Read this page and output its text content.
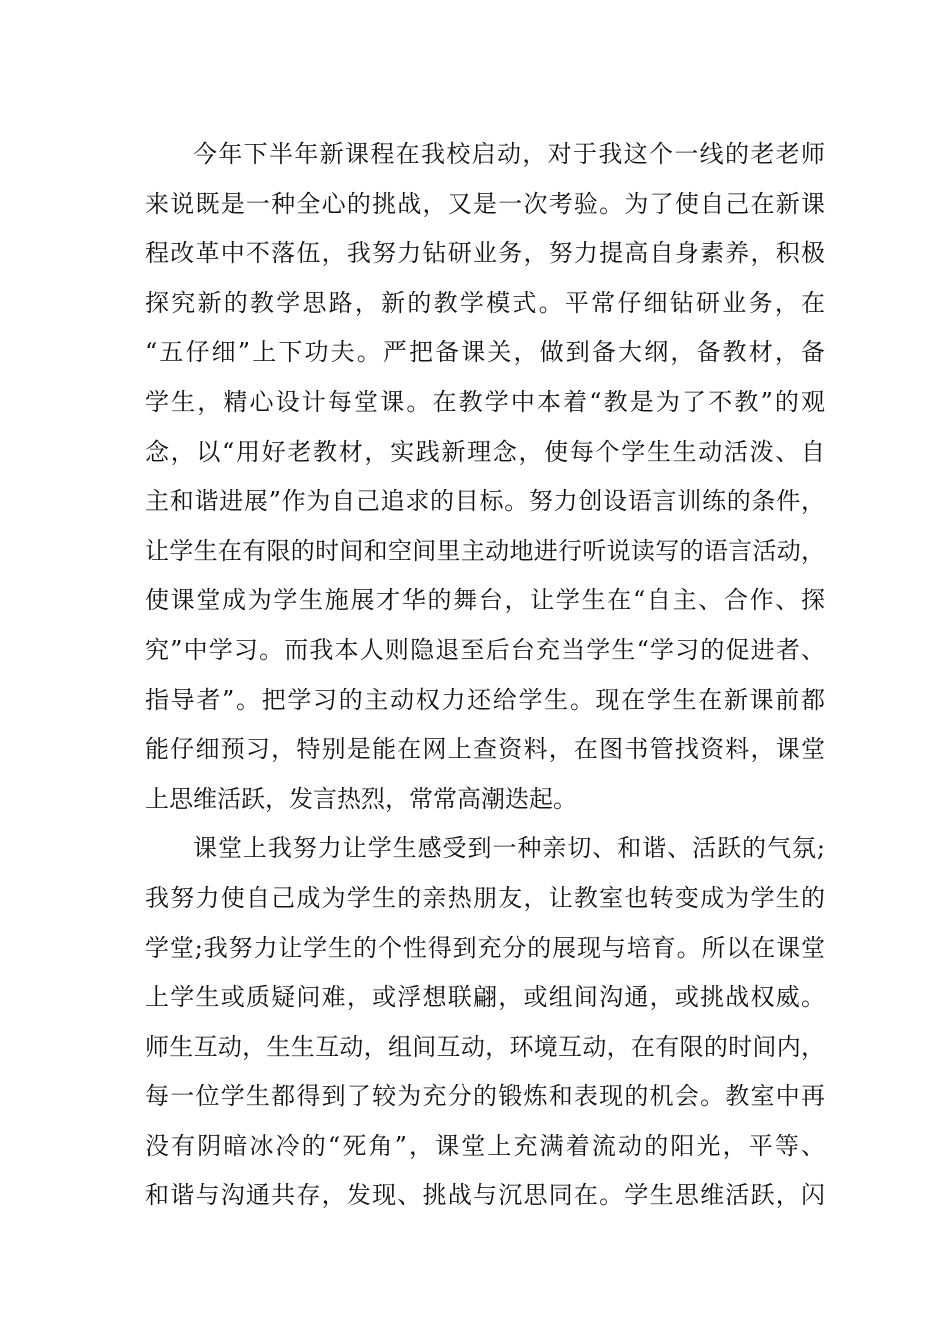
今年下半年新课程在我校启动，对于我这个一线的老老师
来说既是一种全心的挑战，又是一次考验。为了使自己在新课
程改革中不落伍，我努力钻研业务，努力提高自身素养，积极
探究新的教学思路，新的教学模式。平常仔细钻研业务，在
“五仔细”上下功夫。严把备课关，做到备大纲，备教材，备
学生，精心设计每堂课。在教学中本着“教是为了不教”的观
念，以“用好老教材，实践新理念，使每个学生生动活泼、自
主和谐进展”作为自己追求的目标。努力创设语言训练的条件，
让学生在有限的时间和空间里主动地进行听说读写的语言活动，
使课堂成为学生施展才华的舞台，让学生在“自主、合作、探
究”中学习。而我本人则隐退至后台充当学生“学习的促进者、
指导者”。把学习的主动权力还给学生。现在学生在新课前都
能仔细预习，特别是能在网上查资料，在图书管找资料，课堂
上思维活跃，发言热烈，常常高潮迭起。
课堂上我努力让学生感受到一种亲切、和谐、活跃的气氛;
我努力使自己成为学生的亲热朋友，让教室也转变成为学生的
学堂;我努力让学生的个性得到充分的展现与培育。所以在课堂
上学生或质疑问难，或浮想联翩，或组间沟通，或挑战权威。
师生互动，生生互动，组间互动，环境互动，在有限的时间内，
每一位学生都得到了较为充分的锻炼和表现的机会。教室中再
没有阴暗冰冷的“死角”，课堂上充满着流动的阳光，平等、
和谐与沟通共存，发现、挑战与沉思同在。学生思维活跃，闪
